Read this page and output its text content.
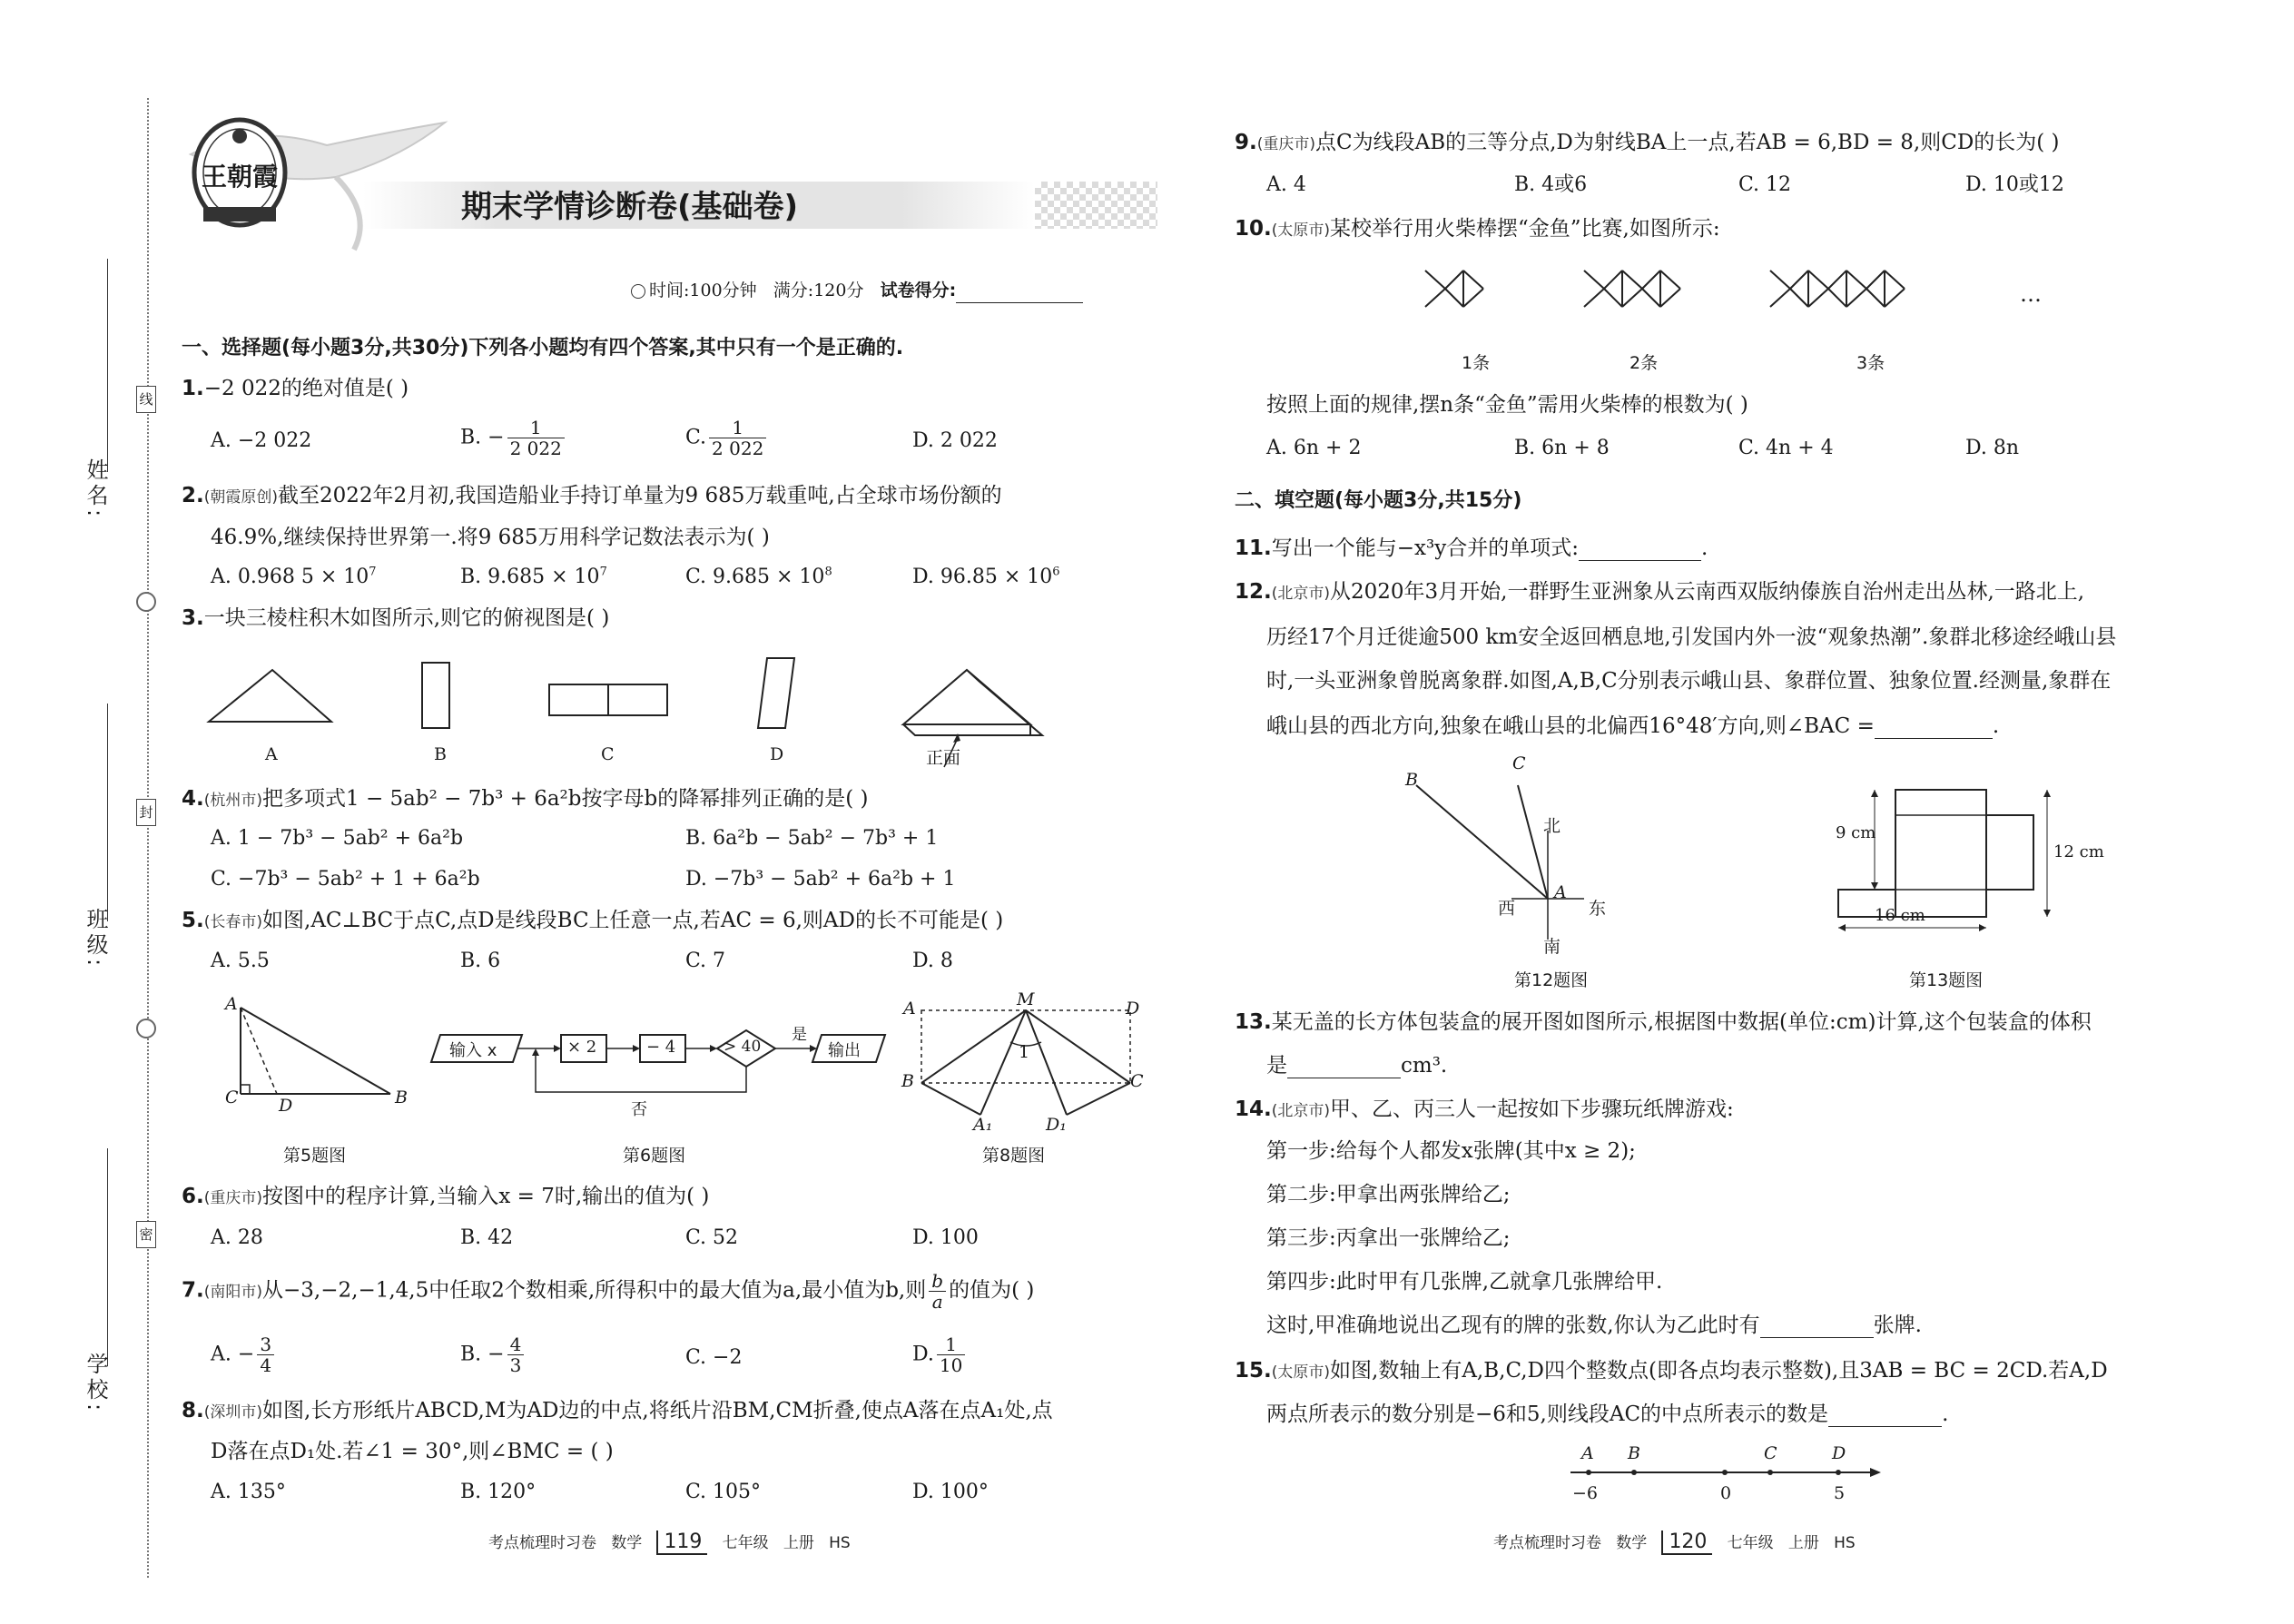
姓名:
班级:
学校:
线
封
密
王朝霞
期末学情诊断卷(基础卷)
时间:100分钟 满分:120分 试卷得分:
一、选择题(每小题3分,共30分)下列各小题均有四个答案,其中只有一个是正确的.
1.−2 022的绝对值是( )
A. −2 022	B. − $\frac{1}{2 022}$	C. $\frac{1}{2 022}$	D. 2 022
2.(朝霞原创)截至2022年2月初,我国造船业手持订单量为9 685万载重吨,占全球市场份额的
46.9%,继续保持世界第一.将9 685万用科学记数法表示为( )
A. 0.968 $5 \times 10^7$	B. $9.685 \times 10^7$	C. $9.685 \times 10^8$	D. $96.85 \times 10^6$
3.一块三棱柱积木如图所示,则它的俯视图是( )
A	B	C	D	正面
4.(杭州市)把多项式1 − 5ab² − 7b³ + 6a²b按字母b的降幂排列正确的是( )
A. 1 − 7b³ − 5ab² + 6a²b	B. 6a²b − 5ab² − 7b³ + 1
C. −7b³ − 5ab² + 1 + 6a²b	D. −7b³ − 5ab² + 6a²b + 1
5.(长春市)如图,AC⊥BC于点C,点D是线段BC上任意一点,若AC = 6,则AD的长不可能是( )
A. 5.5	B. 6	C. 7	D. 8
A
C D	B
第5题图
输入 x	× 2	− 4	> 40
是
输出
否
第6题图
A	M	D
1
B	C
A₁	D₁
第8题图
6.(重庆市)按图中的程序计算,当输入x = 7时,输出的值为( )
A. 28	B. 42	C. 52	D. 100
7.(南阳市)从−3,−2,−1,4,5中任取2个数相乘,所得积中的最大值为a,最小值为b,则 $\frac{b}{a}$ 的值为( )
A. − $\frac{3}{4}$	B. − $\frac{4}{3}$	C. −2	D. $\frac{1}{10}$
8.(深圳市)如图,长方形纸片ABCD,M为AD边的中点,将纸片沿BM,CM折叠,使点A落在点A₁处,点
D落在点D₁处.若∠1 = 30°,则∠BMC = ( )
A. 135°	B. 120°	C. 105°	D. 100°
考点梳理时习卷 数学 119 七年级 上册 HS
9.(重庆市)点C为线段AB的三等分点,D为射线BA上一点,若AB = 6,BD = 8,则CD的长为( )
A. 4	B. 4或6	C. 12	D. 10或12
10.(太原市)某校举行用火柴棒摆“金鱼”比赛,如图所示:
1条	2条	3条
…
按照上面的规律,摆n条“金鱼”需用火柴棒的根数为( )
A. 6n + 2	B. 6n + 8	C. 4n + 4	D. 8n
二、填空题(每小题3分,共15分)
11.写出一个能与−x³y合并的单项式:	.
12.(北京市)从2020年3月开始,一群野生亚洲象从云南西双版纳傣族自治州走出丛林,一路北上,
历经17个月迁徙逾500 km安全返回栖息地,引发国内外一波“观象热潮”.象群北移途经峨山县
时,一头亚洲象曾脱离象群.如图,A,B,C分别表示峨山县、象群位置、独象位置.经测量,象群在
峨山县的西北方向,独象在峨山县的北偏西16°48′方向,则∠BAC =	.
B
C
北
A
西	东
南
第12题图
9 cm
12 cm
16 cm
第13题图
13.某无盖的长方体包装盒的展开图如图所示,根据图中数据(单位:cm)计算,这个包装盒的体积
是	cm³.
14.(北京市)甲、乙、丙三人一起按如下步骤玩纸牌游戏:
第一步:给每个人都发x张牌(其中x ≥ 2);
第二步:甲拿出两张牌给乙;
第三步:丙拿出一张牌给乙;
第四步:此时甲有几张牌,乙就拿几张牌给甲.
这时,甲准确地说出乙现有的牌的张数,你认为乙此时有	张牌.
15.(太原市)如图,数轴上有A,B,C,D四个整数点(即各点均表示整数),且3AB = BC = 2CD.若A,D
两点所表示的数分别是−6和5,则线段AC的中点所表示的数是	.
A B	C	D
−6	0	5
考点梳理时习卷 数学 120 七年级 上册 HS
